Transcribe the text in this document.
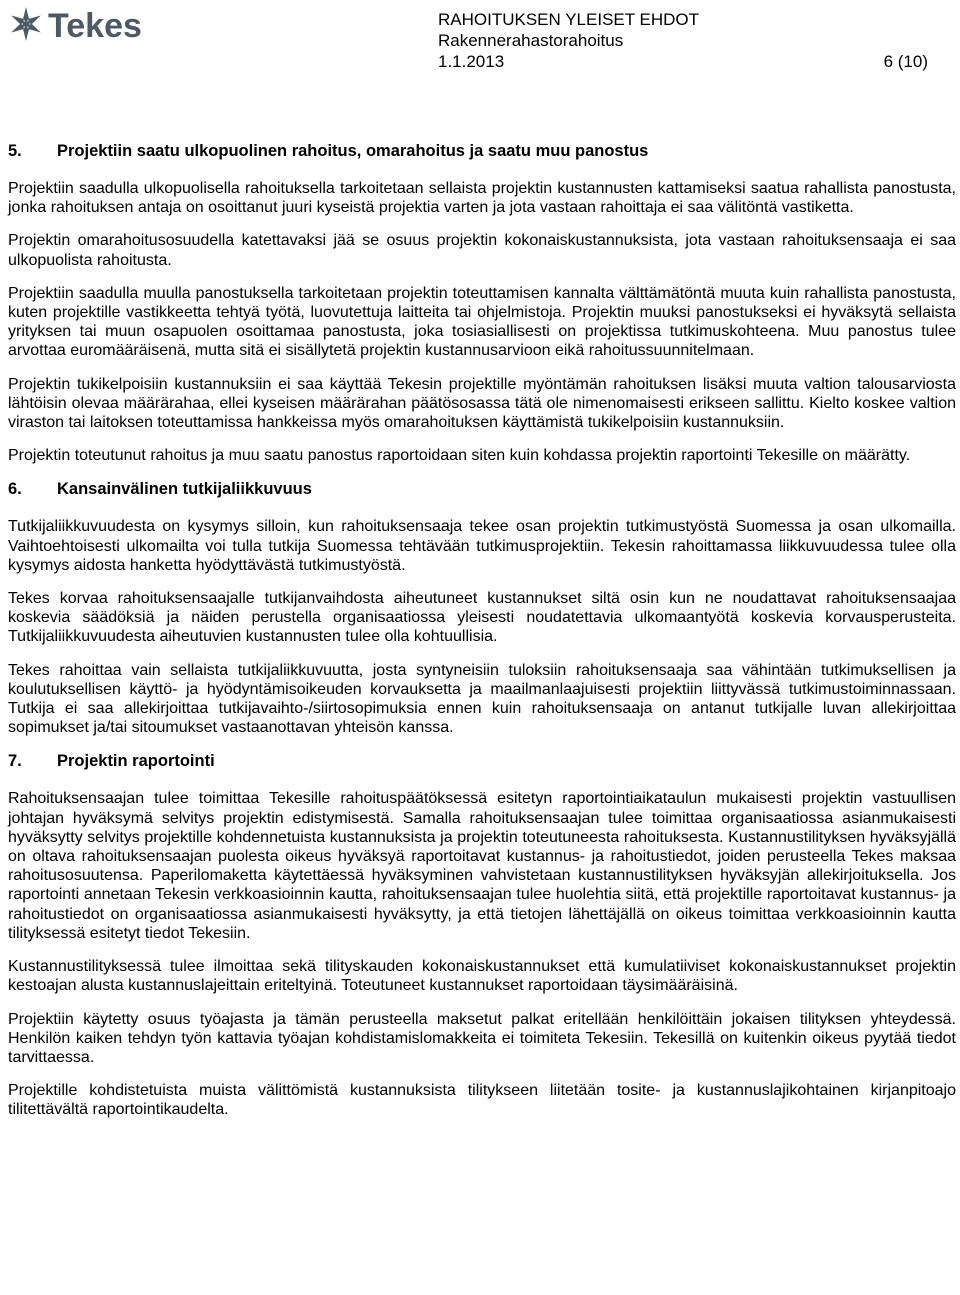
Tekes	RAHOITUKSEN YLEISET EHDOT
Rakennerahastorahoitus
1.1.2013	6 (10)
5.	Projektiin saatu ulkopuolinen rahoitus, omarahoitus ja saatu muu panostus

Projektiin saadulla ulkopuolisella rahoituksella tarkoitetaan sellaista projektin kustannusten kattamiseksi saatua rahallista panostusta, jonka rahoituksen antaja on osoittanut juuri kyseistä projektia varten ja jota vastaan rahoittaja ei saa välitöntä vastiketta.

Projektin omarahoitusosuudella katettavaksi jää se osuus projektin kokonaiskustannuksista, jota vastaan rahoituksensaaja ei saa ulkopuolista rahoitusta.

Projektiin saadulla muulla panostuksella tarkoitetaan projektin toteuttamisen kannalta välttämätöntä muuta kuin rahallista panostusta, kuten projektille vastikkeetta tehtyä työtä, luovutettuja laitteita tai ohjelmistoja. Projektin muuksi panostukseksi ei hyväksytä sellaista yrityksen tai muun osapuolen osoittamaa panostusta, joka tosiasiallisesti on projektissa tutkimuskohteena. Muu panostus tulee arvottaa euromääräisenä, mutta sitä ei sisällytetä projektin kustannusarvioon eikä rahoitussuunnitelmaan.

Projektin tukikelpoisiin kustannuksiin ei saa käyttää Tekesin projektille myöntämän rahoituksen lisäksi muuta valtion talousarviosta lähtöisin olevaa määrärahaa, ellei kyseisen määrärahan päätösosassa tätä ole nimenomaisesti erikseen sallittu. Kielto koskee valtion viraston tai laitoksen toteuttamissa hankkeissa myös omarahoituksen käyttämistä tukikelpoisiin kustannuksiin.

Projektin toteutunut rahoitus ja muu saatu panostus raportoidaan siten kuin kohdassa projektin raportointi Tekesille on määrätty.

6.	Kansainvälinen tutkijaliikkuvuus

Tutkijaliikkuvuudesta on kysymys silloin, kun rahoituksensaaja tekee osan projektin tutkimustyöstä Suomessa ja osan ulkomailla. Vaihtoehtoisesti ulkomailta voi tulla tutkija Suomessa tehtävään tutkimusprojektiin. Tekesin rahoittamassa liikkuvuudessa tulee olla kysymys aidosta hanketta hyödyttävästä tutkimustyöstä.

Tekes korvaa rahoituksensaajalle tutkijanvaihdosta aiheutuneet kustannukset siltä osin kun ne noudattavat rahoituksensaajaa koskevia säädöksiä ja näiden perustella organisaatiossa yleisesti noudatettavia ulkomaantyötä koskevia korvausperusteita. Tutkijaliikkuvuudesta aiheutuvien kustannusten tulee olla kohtuullisia.

Tekes rahoittaa vain sellaista tutkijaliikkuvuutta, josta syntyneisiin tuloksiin rahoituksensaaja saa vähintään tutkimuksellisen ja koulutuksellisen käyttö- ja hyödyntämisoikeuden korvauksetta ja maailmanlaajuisesti projektiin liittyvässä tutkimustoiminnassaan. Tutkija ei saa allekirjoittaa tutkijavaihto-/siirtosopimuksia ennen kuin rahoituksensaaja on antanut tutkijalle luvan allekirjoittaa sopimukset ja/tai sitoumukset vastaanottavan yhteisön kanssa.

7.	Projektin raportointi

Rahoituksensaajan tulee toimittaa Tekesille rahoituspäätöksessä esitetyn raportointiaikataulun mukaisesti projektin vastuullisen johtajan hyväksymä selvitys projektin edistymisestä. Samalla rahoituksensaajan tulee toimittaa organisaatiossa asianmukaisesti hyväksytty selvitys projektille kohdennetuista kustannuksista ja projektin toteutuneesta rahoituksesta. Kustannustilityksen hyväksyjällä on oltava rahoituksensaajan puolesta oikeus hyväksyä raportoitavat kustannus- ja rahoitustiedot, joiden perusteella Tekes maksaa rahoitusosuutensa. Paperilomaketta käytettäessä hyväksyminen vahvistetaan kustannustilityksen hyväksyjän allekirjoituksella. Jos raportointi annetaan Tekesin verkkoasioinnin kautta, rahoituksensaajan tulee huolehtia siitä, että projektille raportoitavat kustannus- ja rahoitustiedot on organisaatiossa asianmukaisesti hyväksytty, ja että tietojen lähettäjällä on oikeus toimittaa verkkoasioinnin kautta tilityksessä esitetyt tiedot Tekesiin.

Kustannustilityksessä tulee ilmoittaa sekä tilityskauden kokonaiskustannukset että kumulatiiviset kokonaiskustannukset projektin kestoajan alusta kustannuslajeittain eriteltyinä. Toteutuneet kustannukset raportoidaan täysimääräisinä.

Projektiin käytetty osuus työajasta ja tämän perusteella maksetut palkat eritellään henkilöittäin jokaisen tilityksen yhteydessä. Henkilön kaiken tehdyn työn kattavia työajan kohdistamislomakkeita ei toimiteta Tekesiin. Tekesillä on kuitenkin oikeus pyytää tiedot tarvittaessa.

Projektille kohdistetuista muista välittömistä kustannuksista tilitykseen liitetään tosite- ja kustannuslajikohtainen kirjanpitoajo tilitettävältä raportointikaudelta.
